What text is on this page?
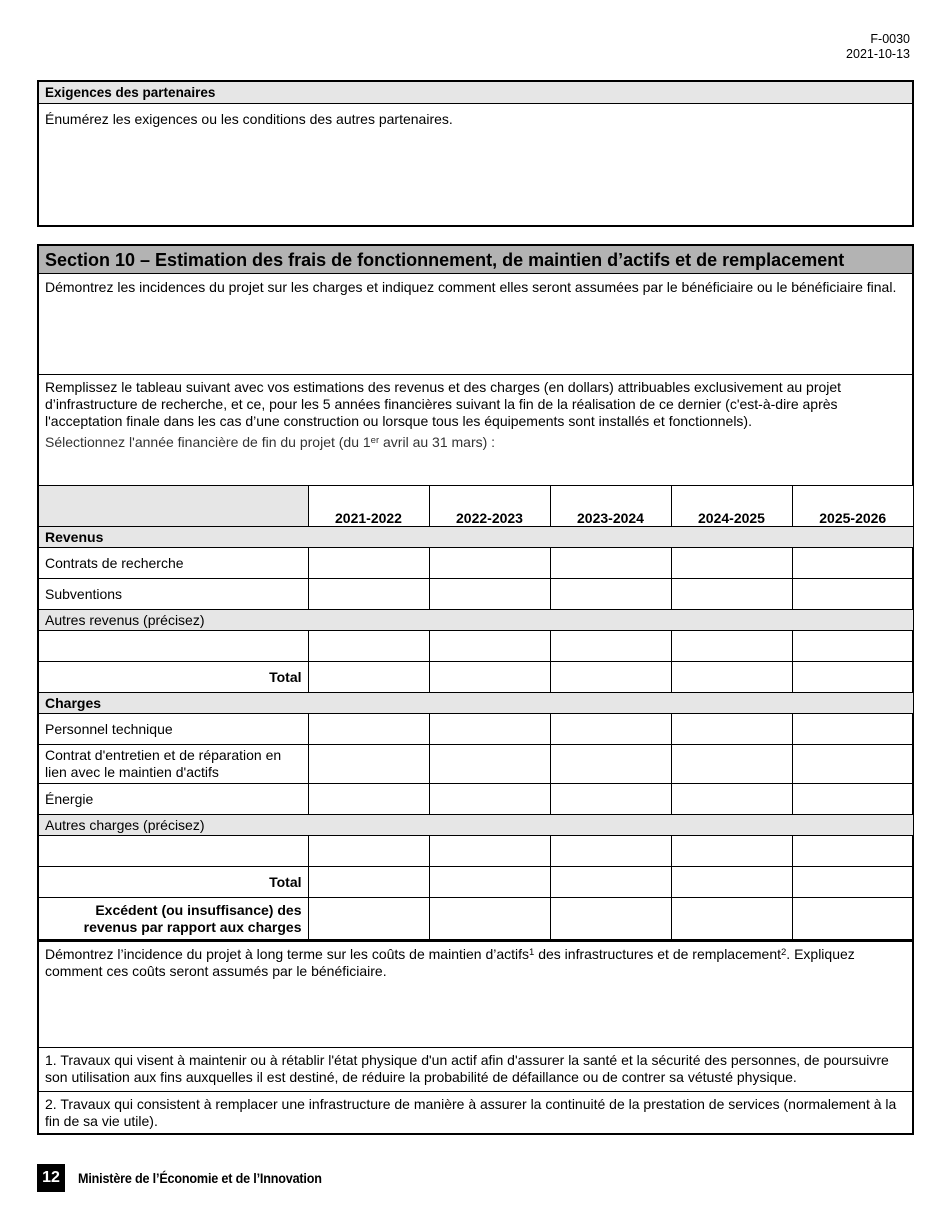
F-0030
2021-10-13
Exigences des partenaires
Énumérez les exigences ou les conditions des autres partenaires.
Section 10 – Estimation des frais de fonctionnement, de maintien d’actifs et de remplacement
Démontrez les incidences du projet sur les charges et indiquez comment elles seront assumées par le bénéficiaire ou le bénéficiaire final.
Remplissez le tableau suivant avec vos estimations des revenus et des charges (en dollars) attribuables exclusivement au projet d’infrastructure de recherche, et ce, pour les 5 années financières suivant la fin de la réalisation de ce dernier (c'est-à-dire après l'acceptation finale dans les cas d’une construction ou lorsque tous les équipements sont installés et fonctionnels).
Sélectionnez l'année financière de fin du projet (du 1er avril au 31 mars) :
	2021-2022	2022-2023	2023-2024	2024-2025	2025-2026
Revenus					
Contrats de recherche					
Subventions					
Autres revenus (précisez)					

Total					
Charges					
Personnel technique					
Contrat d'entretien et de réparation en lien avec le maintien d'actifs					
Énergie					
Autres charges (précisez)					

Total					
Excédent (ou insuffisance) des revenus par rapport aux charges					
Démontrez l’incidence du projet à long terme sur les coûts de maintien d’actifs$^1$ des infrastructures et de remplacement$^2$. Expliquez comment ces coûts seront assumés par le bénéficiaire.
1. Travaux qui visent à maintenir ou à rétablir l'état physique d'un actif afin d'assurer la santé et la sécurité des personnes, de poursuivre son utilisation aux fins auxquelles il est destiné, de réduire la probabilité de défaillance ou de contrer sa vétusté physique.
2. Travaux qui consistent à remplacer une infrastructure de manière à assurer la continuité de la prestation de services (normalement à la fin de sa vie utile).
12	Ministère de l’Économie et de l’Innovation
